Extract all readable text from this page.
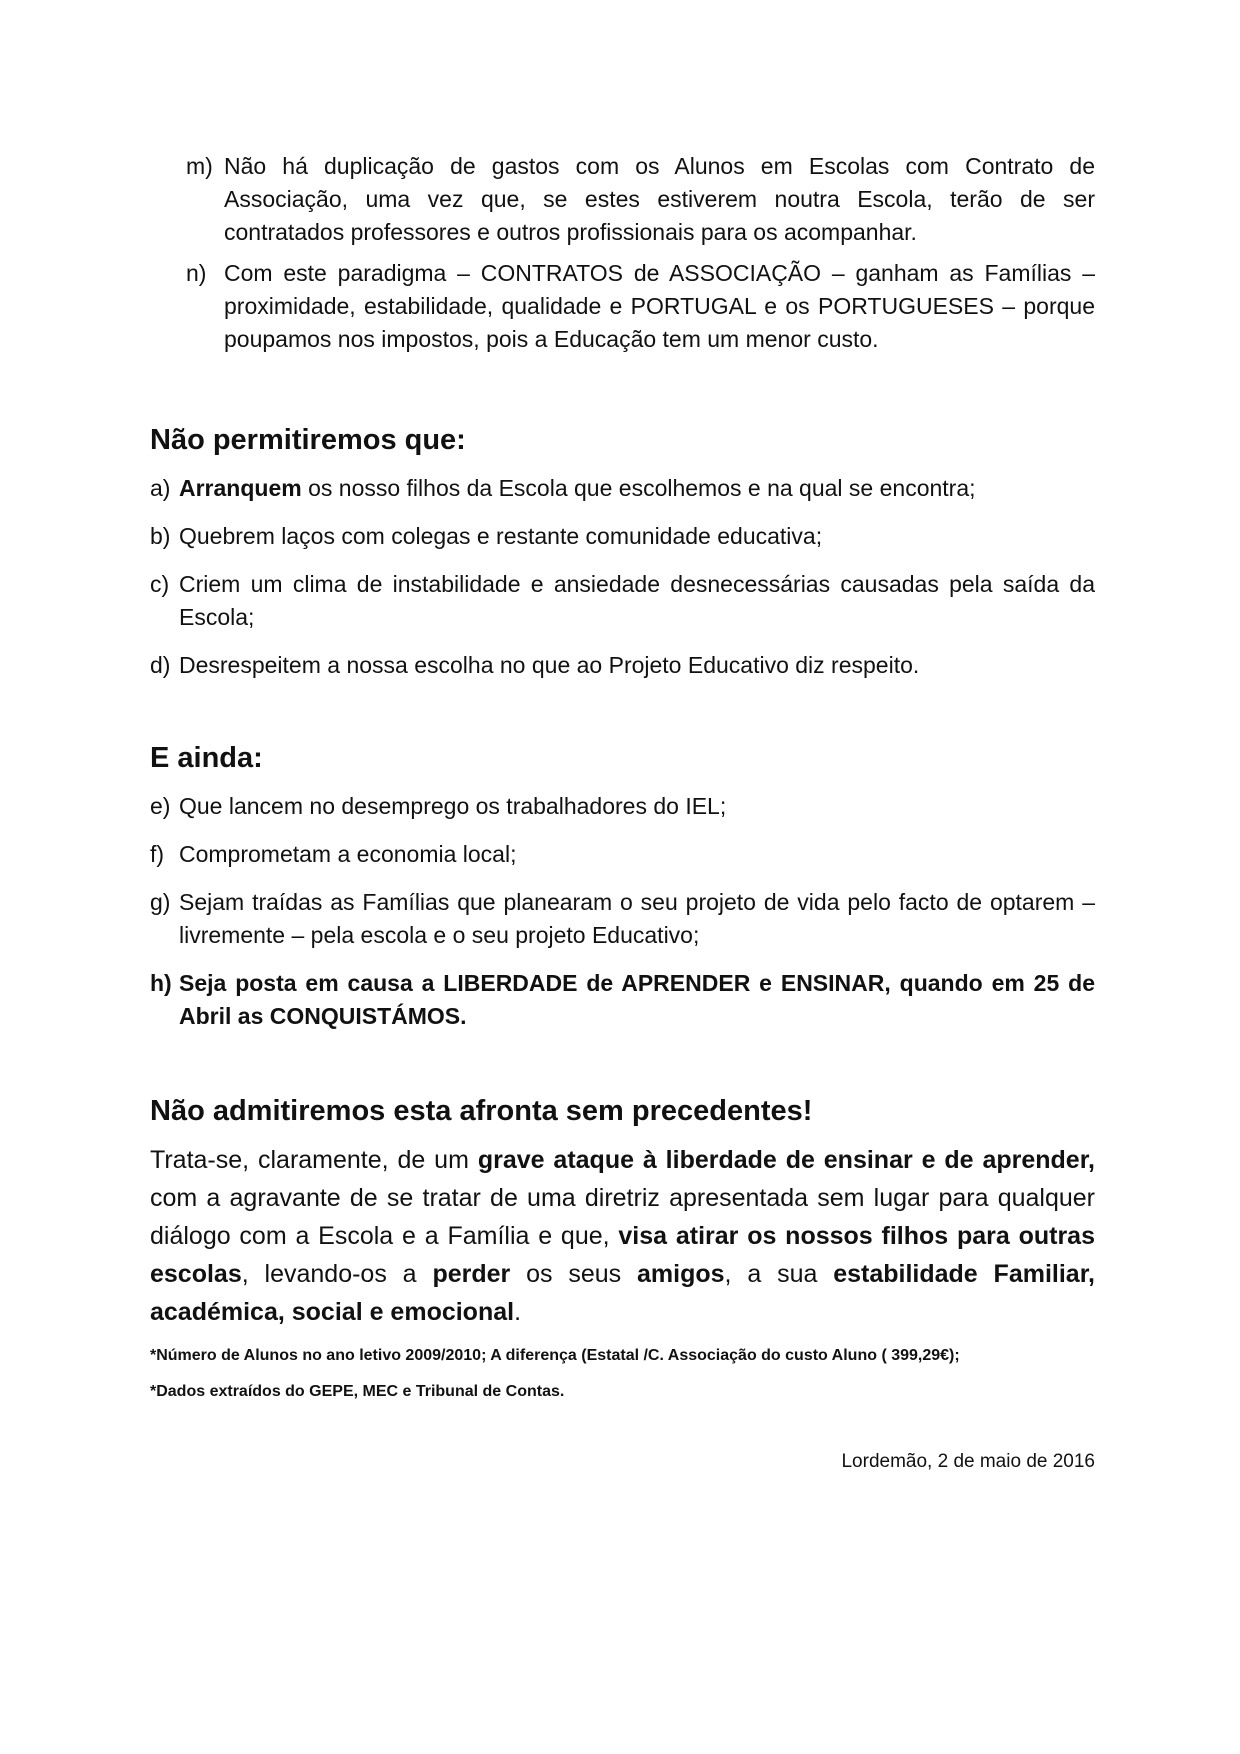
m) Não há duplicação de gastos com os Alunos em Escolas com Contrato de Associação, uma vez que, se estes estiverem noutra Escola, terão de ser contratados professores e outros profissionais para os acompanhar.
n) Com este paradigma – CONTRATOS de ASSOCIAÇÃO – ganham as Famílias – proximidade, estabilidade, qualidade e PORTUGAL e os PORTUGUESES – porque poupamos nos impostos, pois a Educação tem um menor custo.
Não permitiremos que:
a) Arranquem os nosso filhos da Escola que escolhemos e na qual se encontra;
b) Quebrem laços com colegas e restante comunidade educativa;
c) Criem um clima de instabilidade e ansiedade desnecessárias causadas pela saída da Escola;
d) Desrespeitem a nossa escolha no que ao Projeto Educativo diz respeito.
E ainda:
e) Que lancem no desemprego os trabalhadores do IEL;
f) Comprometam a economia local;
g) Sejam traídas as Famílias que planearam o seu projeto de vida pelo facto de optarem – livremente – pela escola e o seu projeto Educativo;
h) Seja posta em causa a LIBERDADE de APRENDER e ENSINAR, quando em 25 de Abril as CONQUISTÁMOS.
Não admitiremos esta afronta sem precedentes!

Trata-se, claramente, de um grave ataque à liberdade de ensinar e de aprender, com a agravante de se tratar de uma diretriz apresentada sem lugar para qualquer diálogo com a Escola e a Família e que, visa atirar os nossos filhos para outras escolas, levando-os a perder os seus amigos, a sua estabilidade Familiar, académica, social e emocional.

*Número de Alunos no ano letivo 2009/2010; A diferença (Estatal /C. Associação do custo Aluno ( 399,29€);
*Dados extraídos do GEPE, MEC e Tribunal de Contas.
Lordemão, 2 de maio de 2016
